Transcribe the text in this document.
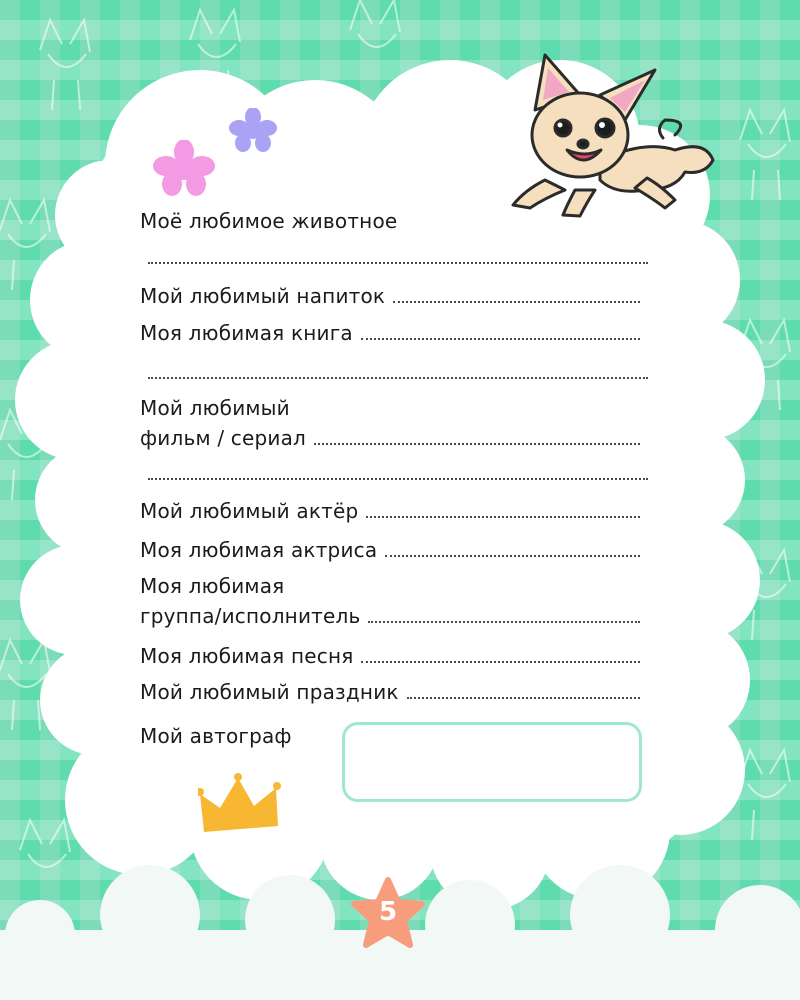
Моё любимое животное
Мой любимый напиток
Моя любимая книга
Мой любимый
фильм / сериал
Мой любимый актёр
Моя любимая актриса
Моя любимая
группа/исполнитель
Моя любимая песня
Мой любимый праздник
Мой автограф
5
